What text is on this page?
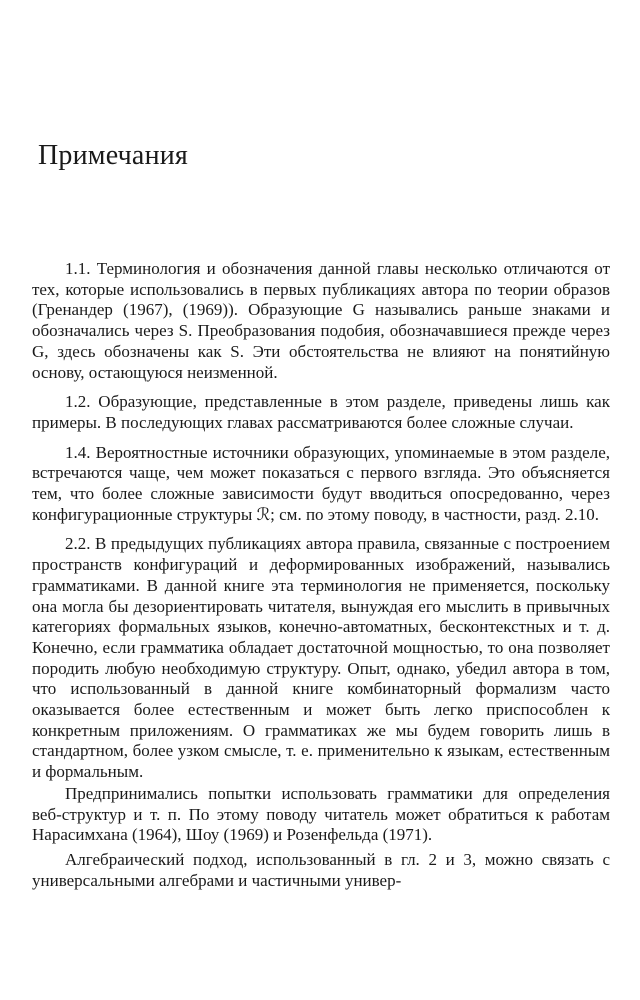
Примечания

1.1. Терминология и обозначения данной главы несколько отличаются от тех, которые использовались в первых публикациях автора по теории образов (Гренандер (1967), (1969)). Образующие G назывались раньше знаками и обозначались через S. Преобразования подобия, обозначавшиеся прежде через G, здесь обозначены как S. Эти обстоятельства не влияют на понятийную основу, остающуюся неизменной.

1.2. Образующие, представленные в этом разделе, приведены лишь как примеры. В последующих главах рассматриваются более сложные случаи.

1.4. Вероятностные источники образующих, упоминаемые в этом разделе, встречаются чаще, чем может показаться с первого взгляда. Это объясняется тем, что более сложные зависимости будут вводиться опосредованно, через конфигурационные структуры ℛ; см. по этому поводу, в частности, разд. 2.10.

2.2. В предыдущих публикациях автора правила, связанные с построением пространств конфигураций и деформированных изображений, назывались грамматиками. В данной книге эта терминология не применяется, поскольку она могла бы дезориентировать читателя, вынуждая его мыслить в привычных категориях формальных языков, конечно-автоматных, бесконтекстных и т. д. Конечно, если грамматика обладает достаточной мощностью, то она позволяет породить любую необходимую структуру. Опыт, однако, убедил автора в том, что использованный в данной книге комбинаторный формализм часто оказывается более естественным и может быть легко приспособлен к конкретным приложениям. О грамматиках же мы будем говорить лишь в стандартном, более узком смысле, т. е. применительно к языкам, естественным и формальным.

Предпринимались попытки использовать грамматики для определения веб-структур и т. п. По этому поводу читатель может обратиться к работам Нарасимхана (1964), Шоу (1969) и Розенфельда (1971).

Алгебраический подход, использованный в гл. 2 и 3, можно связать с универсальными алгебрами и частичными универ-
